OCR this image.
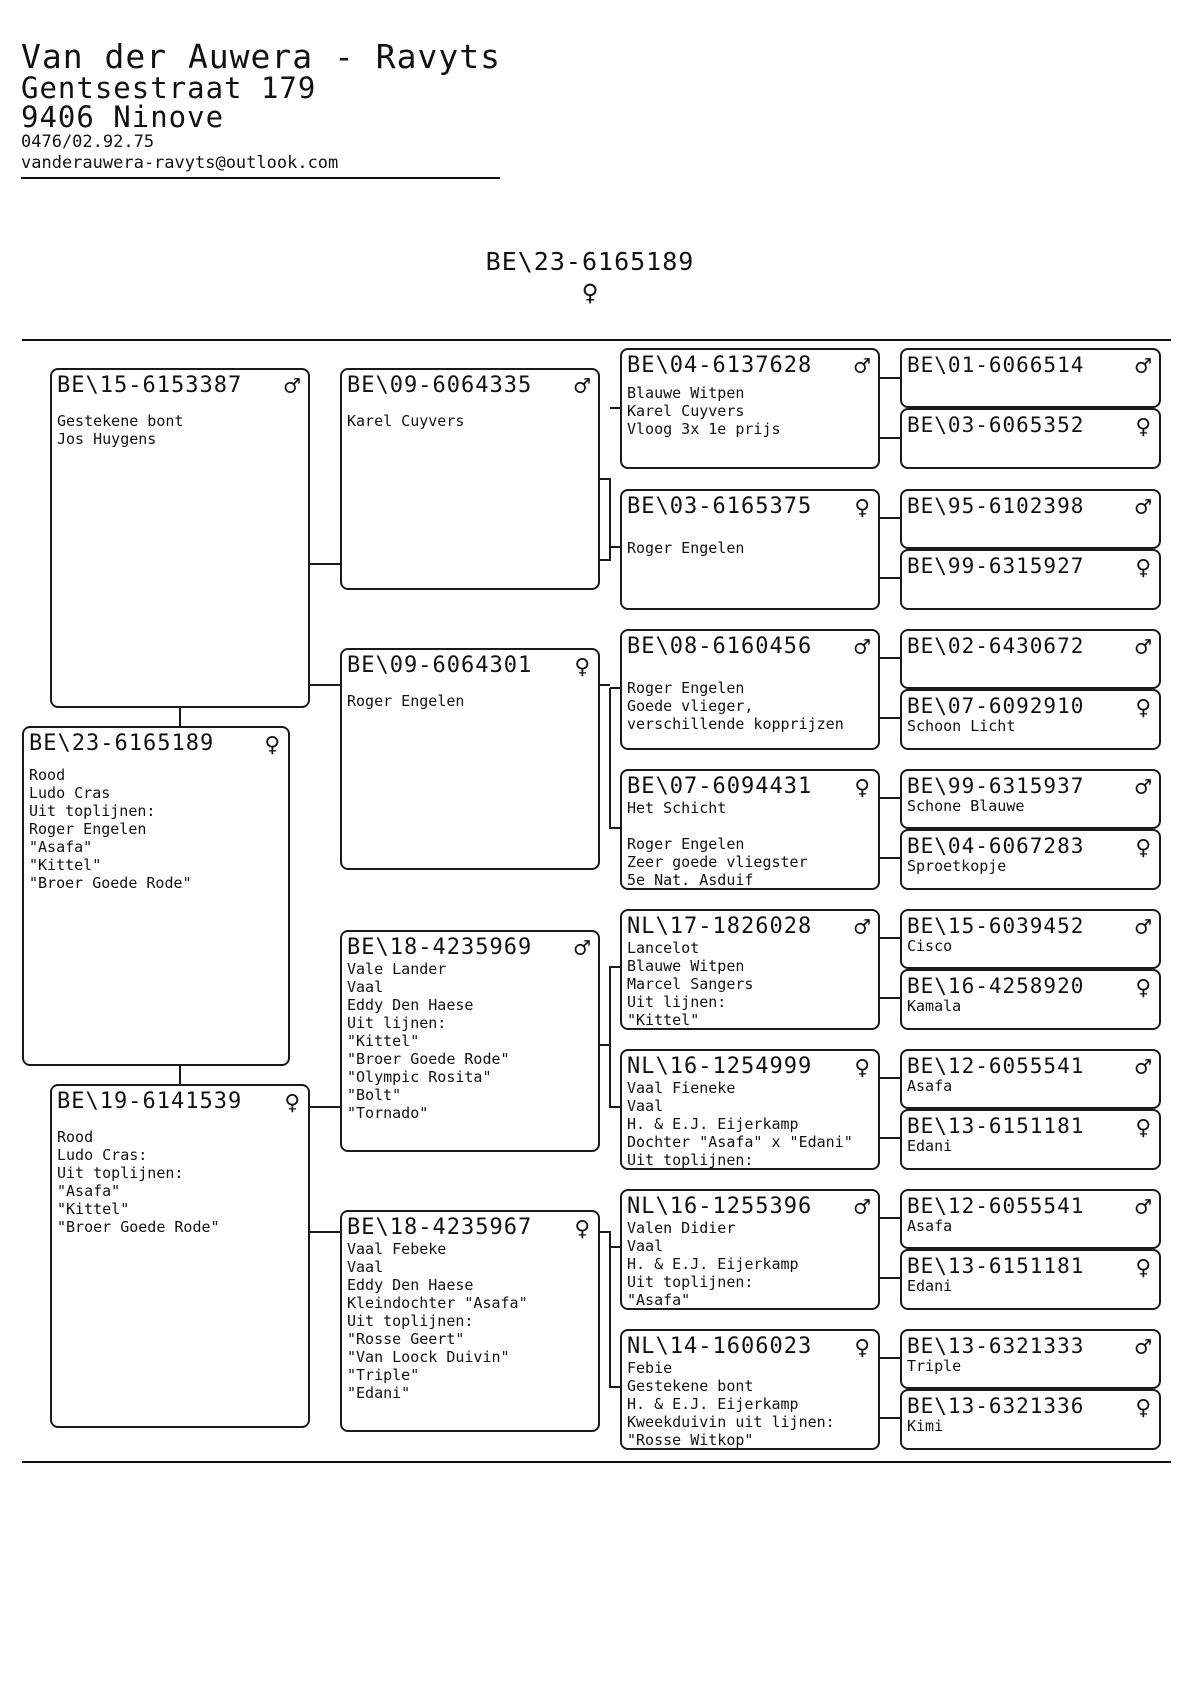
Van der Auwera - Ravyts
Gentsestraat 179
9406 Ninove
0476/02.92.75
vanderauwera-ravyts@outlook.com
BE\23-6165189
♀
BE\23-6165189	♀
Rood
Ludo Cras
Uit toplijnen:
Roger Engelen
"Asafa"
"Kittel"
"Broer Goede Rode"
BE\15-6153387	♂
Gestekene bont
Jos Huygens
BE\19-6141539	♀
Rood
Ludo Cras:
Uit toplijnen:
"Asafa"
"Kittel"
"Broer Goede Rode"
BE\09-6064335	♂
Karel Cuyvers
BE\09-6064301	♀
Roger Engelen
BE\18-4235969	♂
Vale Lander
Vaal
Eddy Den Haese
Uit lijnen:
"Kittel"
"Broer Goede Rode"
"Olympic Rosita"
"Bolt"
"Tornado"
BE\18-4235967	♀
Vaal Febeke
Vaal
Eddy Den Haese
Kleindochter "Asafa"
Uit toplijnen:
"Rosse Geert"
"Van Loock Duivin"
"Triple"
"Edani"
BE\04-6137628	♂
Blauwe Witpen
Karel Cuyvers
Vloog 3x 1e prijs
BE\03-6165375	♀
Roger Engelen
BE\08-6160456	♂
Roger Engelen
Goede vlieger,
verschillende kopprijzen
BE\07-6094431	♀
Het Schicht
Roger Engelen
Zeer goede vliegster
5e Nat. Asduif
NL\17-1826028	♂
Lancelot
Blauwe Witpen
Marcel Sangers
Uit lijnen:
"Kittel"
NL\16-1254999	♀
Vaal Fieneke
Vaal
H. & E.J. Eijerkamp
Dochter "Asafa" x "Edani"
Uit toplijnen:
NL\16-1255396	♂
Valen Didier
Vaal
H. & E.J. Eijerkamp
Uit toplijnen:
"Asafa"
NL\14-1606023	♀
Febie
Gestekene bont
H. & E.J. Eijerkamp
Kweekduivin uit lijnen:
"Rosse Witkop"
BE\01-6066514	♂
BE\03-6065352	♀
BE\95-6102398	♂
BE\99-6315927	♀
BE\02-6430672	♂
BE\07-6092910	♀
Schoon Licht
BE\99-6315937	♂
Schone Blauwe
BE\04-6067283	♀
Sproetkopje
BE\15-6039452	♂
Cisco
BE\16-4258920	♀
Kamala
BE\12-6055541	♂
Asafa
BE\13-6151181	♀
Edani
BE\12-6055541	♂
Asafa
BE\13-6151181	♀
Edani
BE\13-6321333	♂
Triple
BE\13-6321336	♀
Kimi
